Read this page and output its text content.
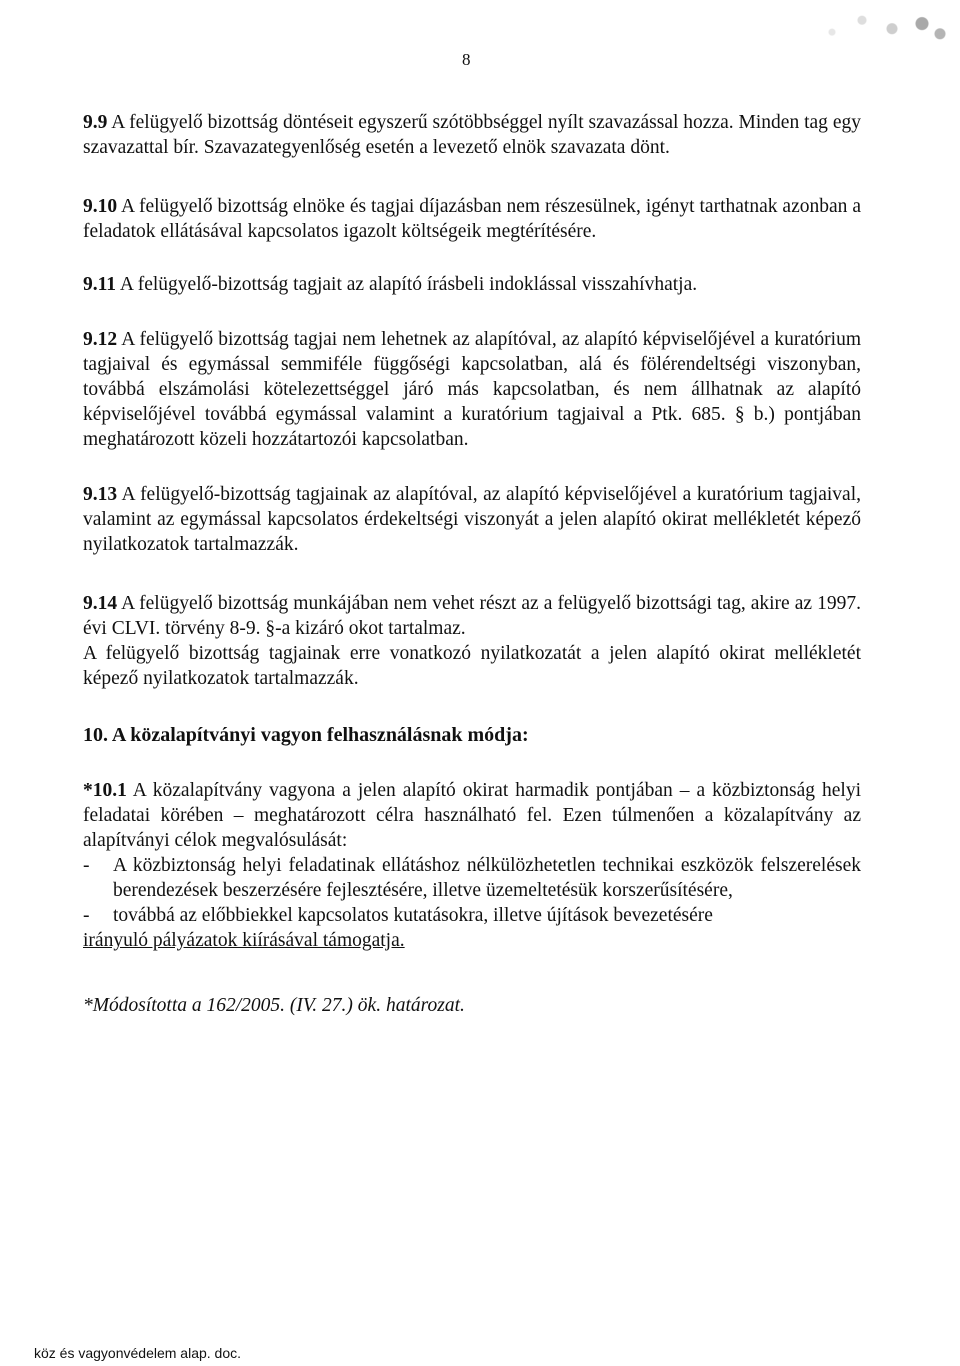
8

9.9 A felügyelő bizottság döntéseit egyszerű szótöbbséggel nyílt szavazással hozza. Minden tag egy szavazattal bír. Szavazategyenlőség esetén a levezető elnök szavazata dönt.

9.10 A felügyelő bizottság elnöke és tagjai díjazásban nem részesülnek, igényt tarthatnak azonban a feladatok ellátásával kapcsolatos igazolt költségeik megtérítésére.

9.11 A felügyelő-bizottság tagjait az alapító írásbeli indoklással visszahívhatja.

9.12 A felügyelő bizottság tagjai nem lehetnek az alapítóval, az alapító képviselőjével a kuratórium tagjaival és egymással semmiféle függőségi kapcsolatban, alá és fölérendeltségi viszonyban, továbbá elszámolási kötelezettséggel járó más kapcsolatban, és nem állhatnak az alapító képviselőjével továbbá egymással valamint a kuratórium tagjaival a Ptk. 685. § b.) pontjában meghatározott közeli hozzátartozói kapcsolatban.

9.13 A felügyelő-bizottság tagjainak az alapítóval, az alapító képviselőjével a kuratórium tagjaival, valamint az egymással kapcsolatos érdekeltségi viszonyát a jelen alapító okirat mellékletét képező nyilatkozatok tartalmazzák.

9.14 A felügyelő bizottság munkájában nem vehet részt az a felügyelő bizottsági tag, akire az 1997. évi CLVI. törvény 8-9. §-a kizáró okot tartalmaz.

A felügyelő bizottság tagjainak erre vonatkozó nyilatkozatát a jelen alapító okirat mellékletét képező nyilatkozatok tartalmazzák.

10. A közalapítványi vagyon felhasználásnak módja:

*10.1 A közalapítvány vagyona a jelen alapító okirat harmadik pontjában – a közbiztonság helyi feladatai körében – meghatározott célra használható fel. Ezen túlmenően a közalapítvány az alapítványi célok megvalósulását:

-	A közbiztonság helyi feladatinak ellátáshoz nélkülözhetetlen technikai eszközök felszerelések berendezések beszerzésére fejlesztésére, illetve üzemeltetésük korszerűsítésére,
-	továbbá az előbbiekkel kapcsolatos kutatásokra, illetve újítások bevezetésére

irányuló pályázatok kiírásával támogatja.

*Módosította a 162/2005. (IV. 27.) ök. határozat.

köz és vagyonvédelem alap. doc.
